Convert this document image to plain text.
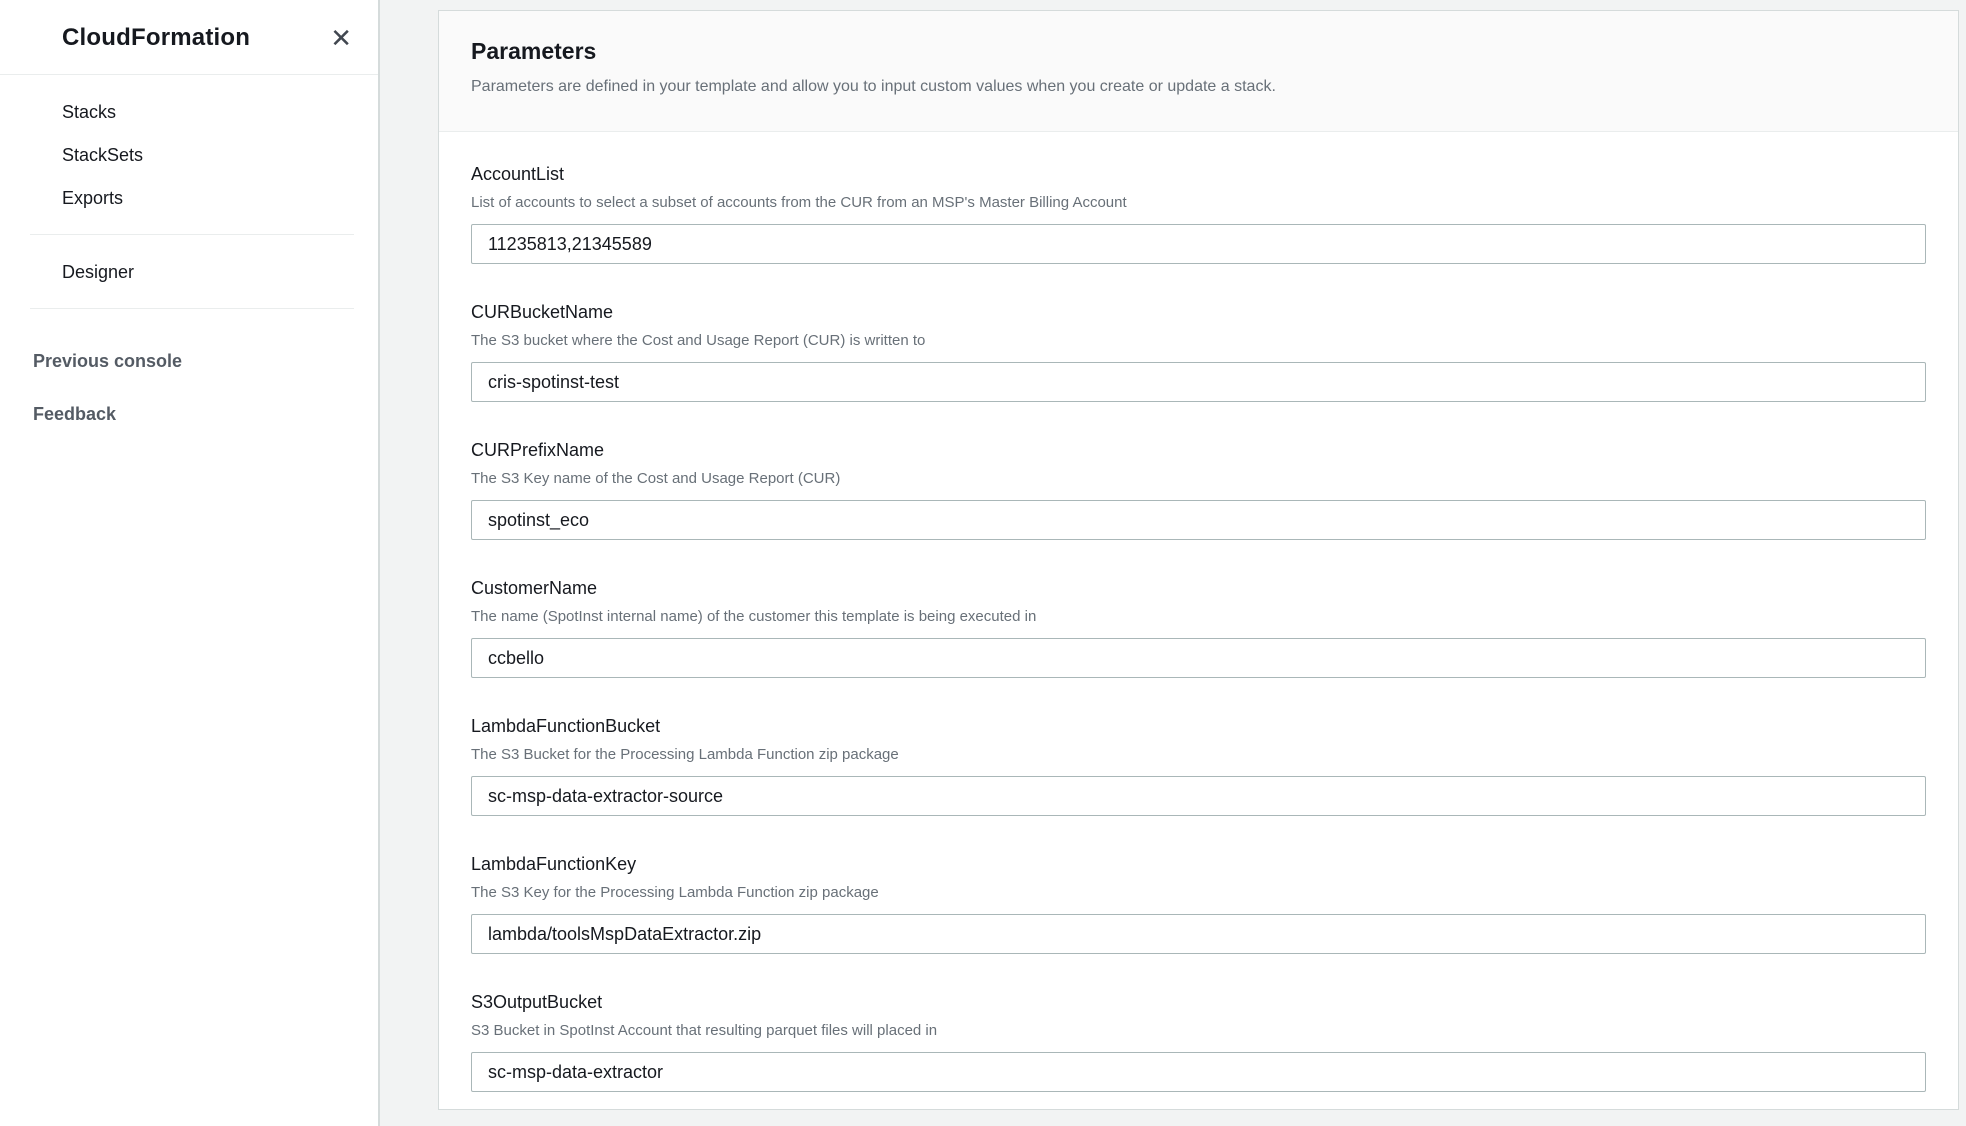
CloudFormation	✕
Stacks
StackSets
Exports
Designer
Previous console
Feedback
Parameters
Parameters are defined in your template and allow you to input custom values when you create or update a stack.
AccountList
List of accounts to select a subset of accounts from the CUR from an MSP's Master Billing Account
11235813,21345589
CURBucketName
The S3 bucket where the Cost and Usage Report (CUR) is written to
cris-spotinst-test
CURPrefixName
The S3 Key name of the Cost and Usage Report (CUR)
spotinst_eco
CustomerName
The name (SpotInst internal name) of the customer this template is being executed in
ccbello
LambdaFunctionBucket
The S3 Bucket for the Processing Lambda Function zip package
sc-msp-data-extractor-source
LambdaFunctionKey
The S3 Key for the Processing Lambda Function zip package
lambda/toolsMspDataExtractor.zip
S3OutputBucket
S3 Bucket in SpotInst Account that resulting parquet files will placed in
sc-msp-data-extractor
